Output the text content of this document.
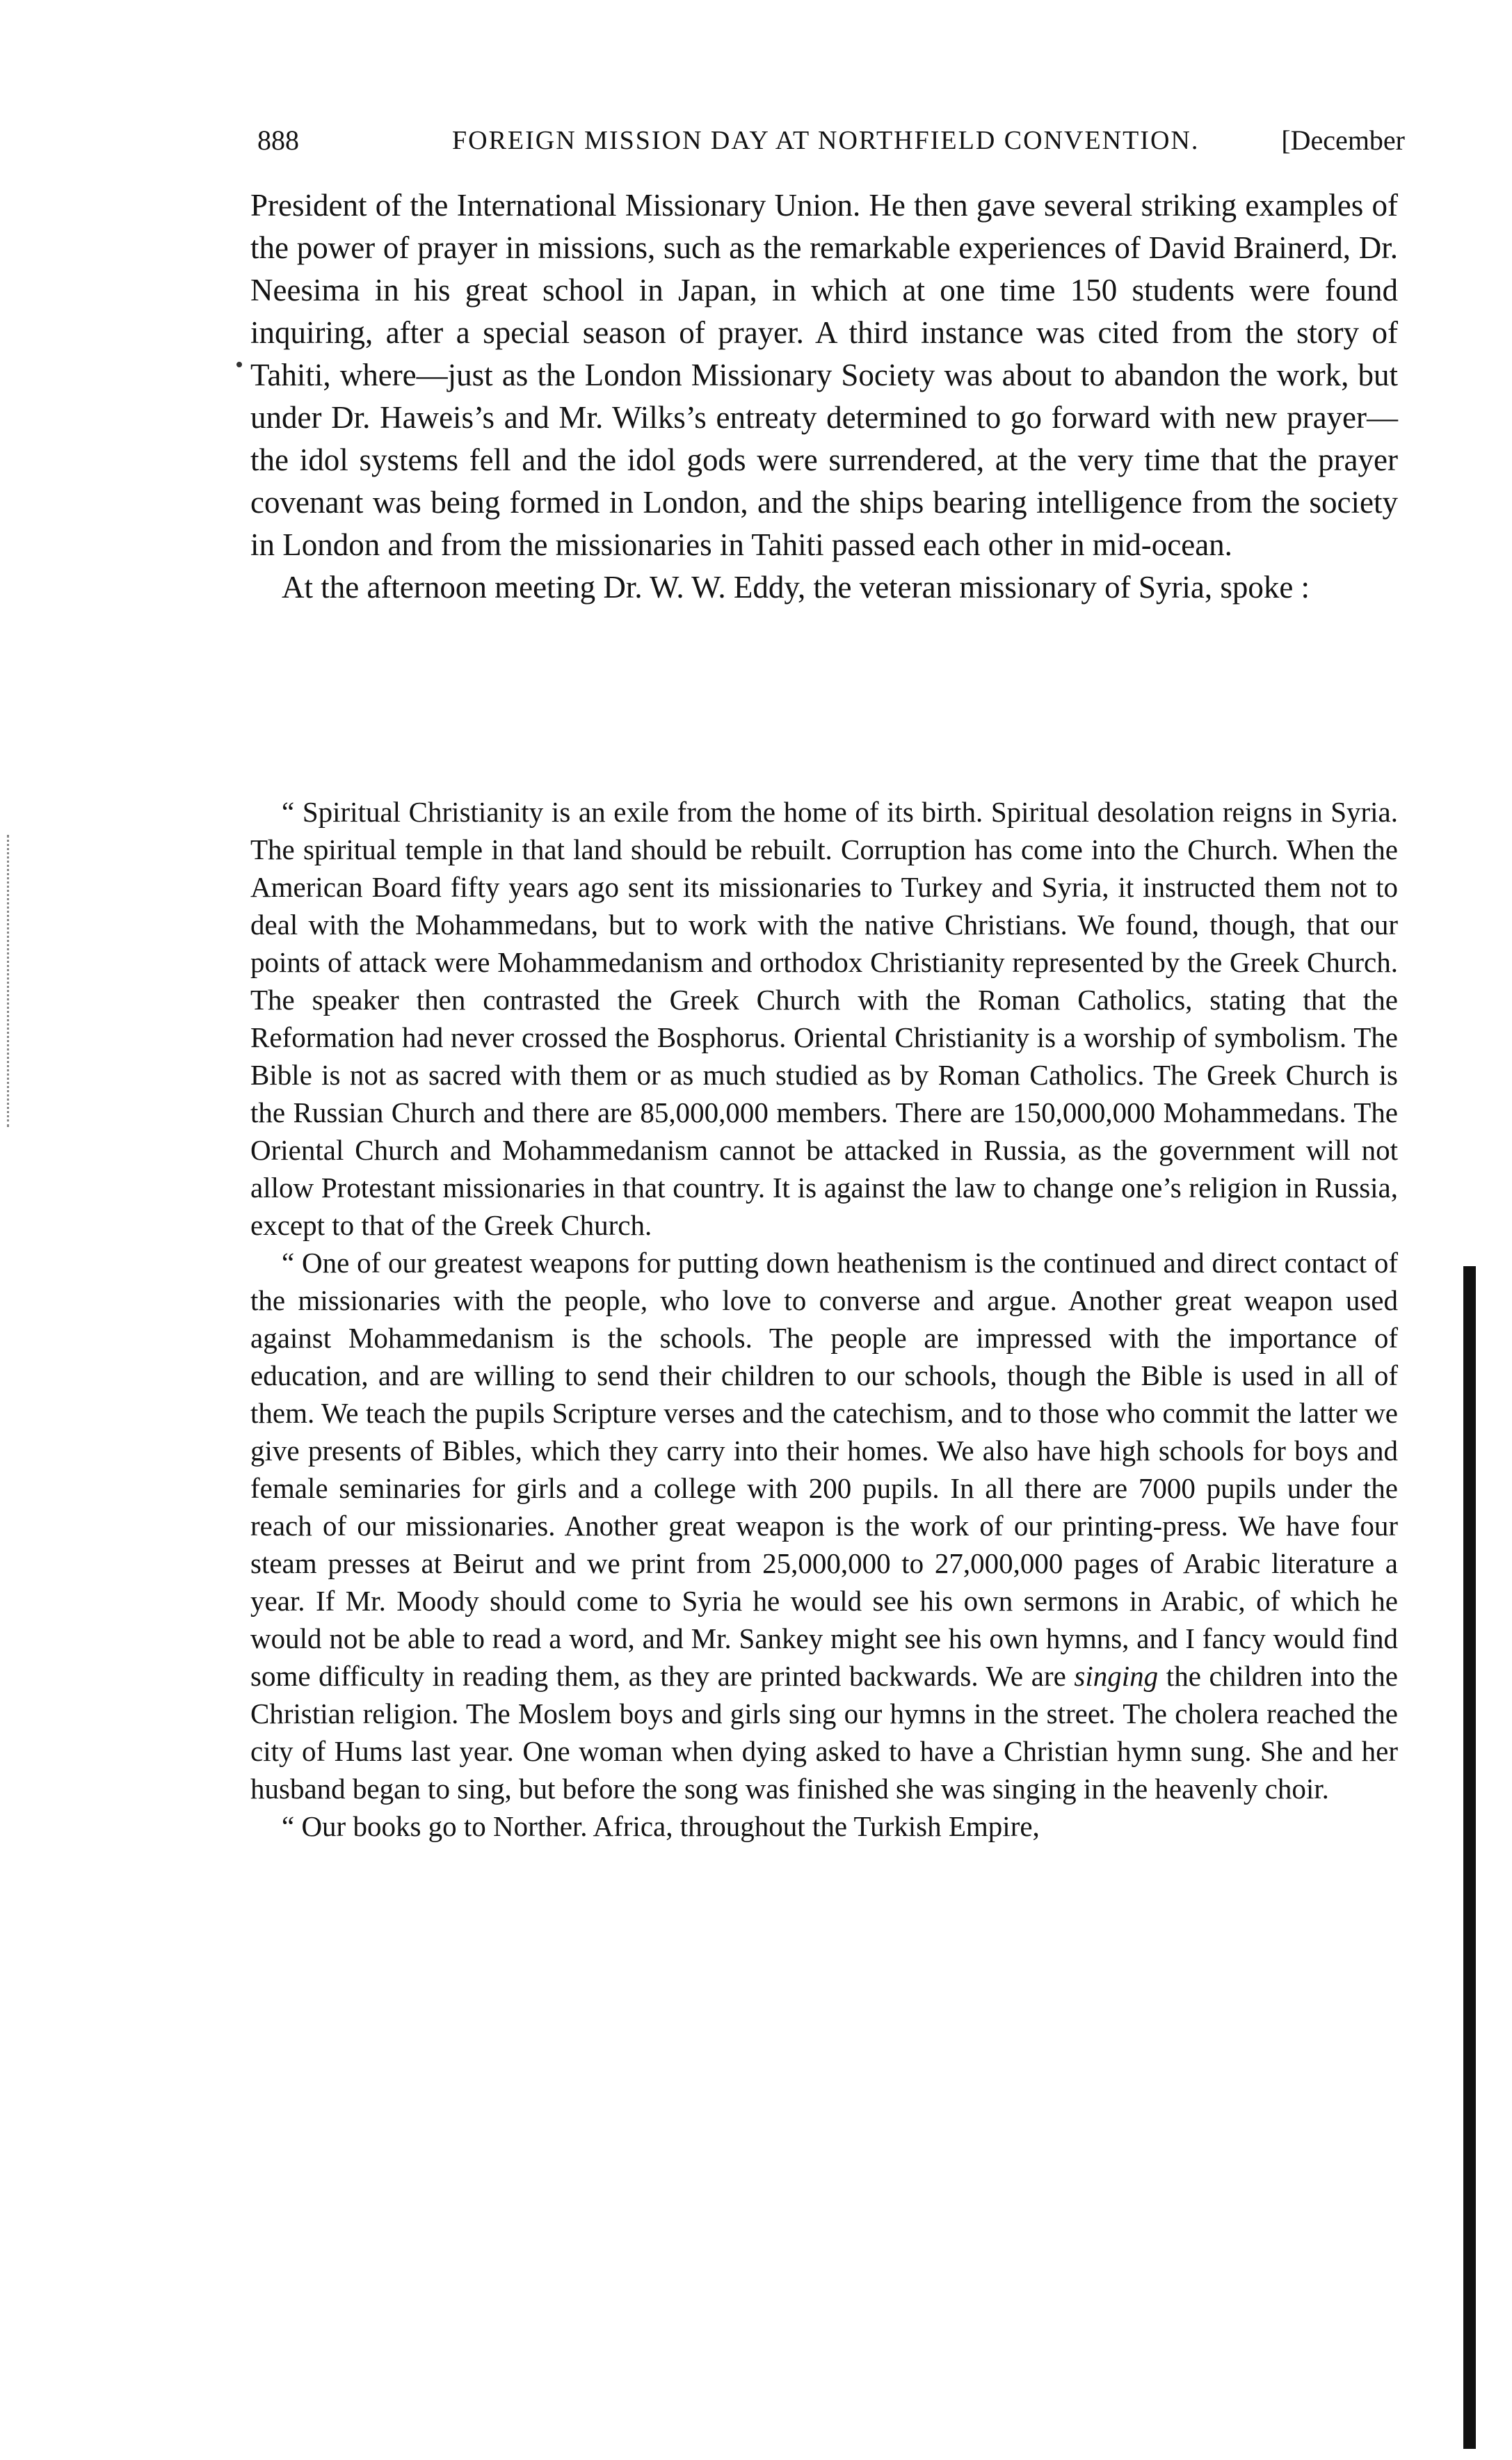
888	FOREIGN MISSION DAY AT NORTHFIELD CONVENTION.	[December

President of the International Missionary Union. He then gave several striking examples of the power of prayer in missions, such as the remarkable experiences of David Brainerd, Dr. Neesima in his great school in Japan, in which at one time 150 students were found inquiring, after a special season of prayer. A third instance was cited from the story of Tahiti, where—just as the London Missionary Society was about to abandon the work, but under Dr. Haweis’s and Mr. Wilks’s entreaty determined to go forward with new prayer—the idol systems fell and the idol gods were surrendered, at the very time that the prayer covenant was being formed in London, and the ships bearing intelligence from the society in London and from the missionaries in Tahiti passed each other in mid-ocean.

At the afternoon meeting Dr. W. W. Eddy, the veteran missionary of Syria, spoke :

“ Spiritual Christianity is an exile from the home of its birth. Spiritual desolation reigns in Syria. The spiritual temple in that land should be rebuilt. Corruption has come into the Church. When the American Board fifty years ago sent its missionaries to Turkey and Syria, it instructed them not to deal with the Mohammedans, but to work with the native Christians. We found, though, that our points of attack were Mohammedanism and orthodox Christianity represented by the Greek Church. The speaker then contrasted the Greek Church with the Roman Catholics, stating that the Reformation had never crossed the Bosphorus. Oriental Christianity is a worship of symbolism. The Bible is not as sacred with them or as much studied as by Roman Catholics. The Greek Church is the Russian Church and there are 85,000,000 members. There are 150,000,000 Mohammedans. The Oriental Church and Mohammedanism cannot be attacked in Russia, as the government will not allow Protestant missionaries in that country. It is against the law to change one’s religion in Russia, except to that of the Greek Church.

“ One of our greatest weapons for putting down heathenism is the continued and direct contact of the missionaries with the people, who love to converse and argue. Another great weapon used against Mohammedanism is the schools. The people are impressed with the importance of education, and are willing to send their children to our schools, though the Bible is used in all of them. We teach the pupils Scripture verses and the catechism, and to those who commit the latter we give presents of Bibles, which they carry into their homes. We also have high schools for boys and female seminaries for girls and a college with 200 pupils. In all there are 7000 pupils under the reach of our missionaries. Another great weapon is the work of our printing-press. We have four steam presses at Beirut and we print from 25,000,000 to 27,000,000 pages of Arabic literature a year. If Mr. Moody should come to Syria he would see his own sermons in Arabic, of which he would not be able to read a word, and Mr. Sankey might see his own hymns, and I fancy would find some difficulty in reading them, as they are printed backwards. We are singing the children into the Christian religion. The Moslem boys and girls sing our hymns in the street. The cholera reached the city of Hums last year. One woman when dying asked to have a Christian hymn sung. She and her husband began to sing, but before the song was finished she was singing in the heavenly choir.

“ Our books go to Norther. Africa, throughout the Turkish Empire,
